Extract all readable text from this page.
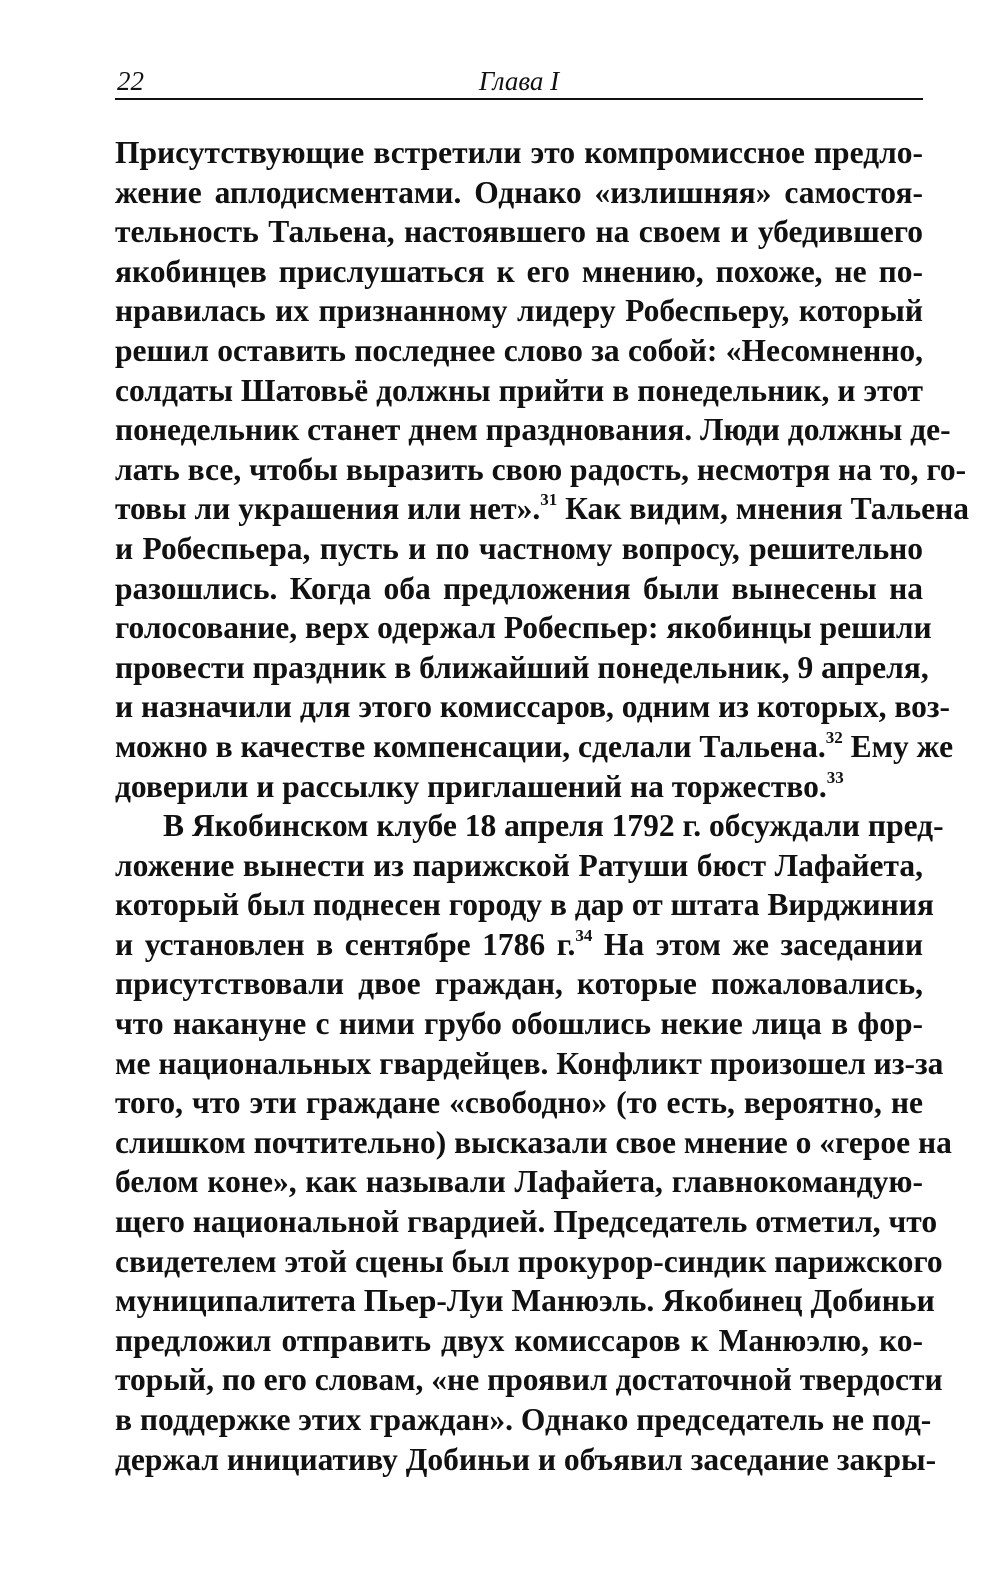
22	Глава I
Присутствующие встретили это компромиссное предло-
жение аплодисментами. Однако «излишняя» самостоя-
тельность Тальена, настоявшего на своем и убедившего
якобинцев прислушаться к его мнению, похоже, не по-
нравилась их признанному лидеру Робеспьеру, который
решил оставить последнее слово за собой: «Несомненно,
солдаты Шатовьё должны прийти в понедельник, и этот
понедельник станет днем празднования. Люди должны де-
лать все, чтобы выразить свою радость, несмотря на то, го-
товы ли украшения или нет».$^{31}$ Как видим, мнения Тальена
и Робеспьера, пусть и по частному вопросу, решительно
разошлись. Когда оба предложения были вынесены на
голосование, верх одержал Робеспьер: якобинцы решили
провести праздник в ближайший понедельник, 9 апреля,
и назначили для этого комиссаров, одним из которых, воз-
можно в качестве компенсации, сделали Тальена.$^{32}$ Ему же
доверили и рассылку приглашений на торжество.$^{33}$
В Якобинском клубе 18 апреля 1792 г. обсуждали пред-
ложение вынести из парижской Ратуши бюст Лафайета,
который был поднесен городу в дар от штата Вирджиния
и установлен в сентябре 1786 г.$^{34}$ На этом же заседании
присутствовали двое граждан, которые пожаловались,
что накануне с ними грубо обошлись некие лица в фор-
ме национальных гвардейцев. Конфликт произошел из-за
того, что эти граждане «свободно» (то есть, вероятно, не
слишком почтительно) высказали свое мнение о «герое на
белом коне», как называли Лафайета, главнокомандую-
щего национальной гвардией. Председатель отметил, что
свидетелем этой сцены был прокурор-синдик парижского
муниципалитета Пьер-Луи Манюэль. Якобинец Добиньи
предложил отправить двух комиссаров к Манюэлю, ко-
торый, по его словам, «не проявил достаточной твердости
в поддержке этих граждан». Однако председатель не под-
держал инициативу Добиньи и объявил заседание закры-
